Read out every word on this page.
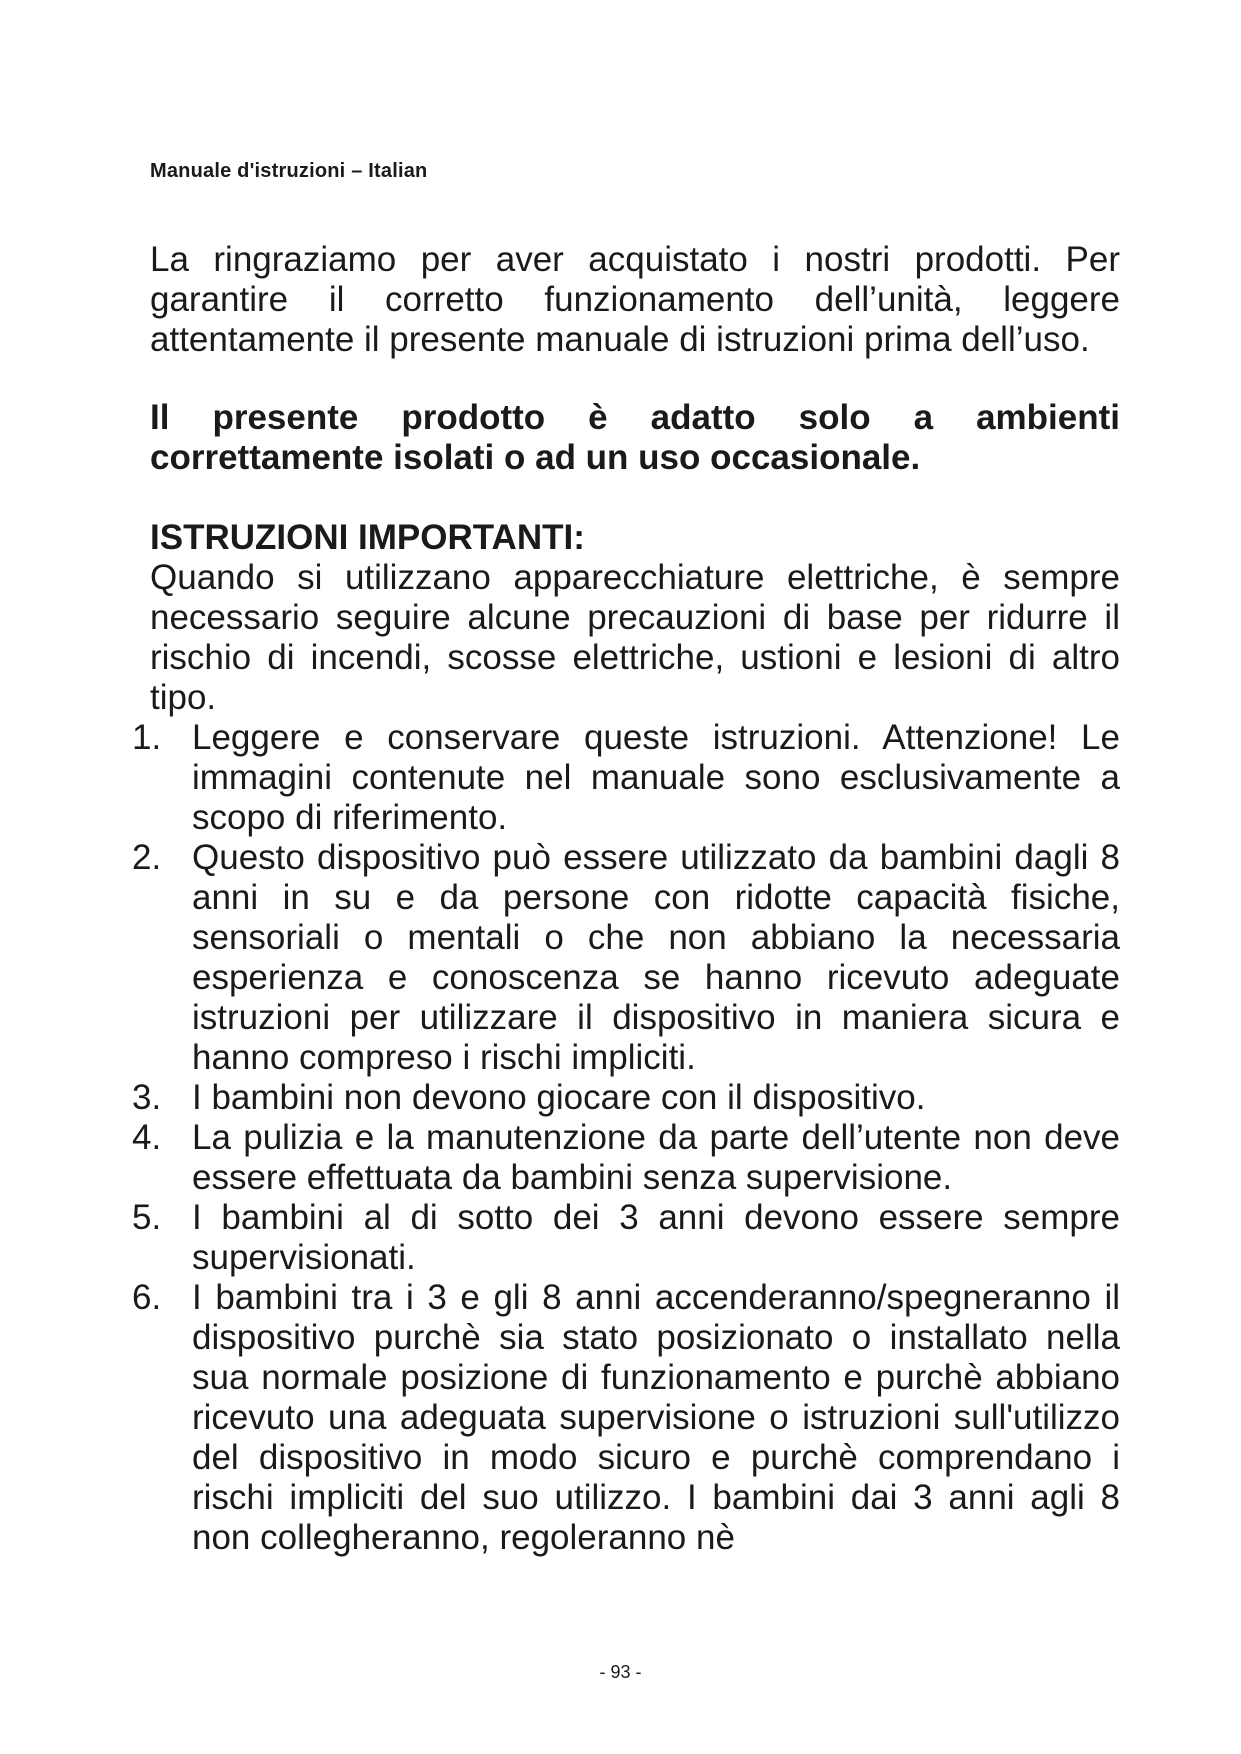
Manuale d'istruzioni – Italian

La ringraziamo per aver acquistato i nostri prodotti. Per garantire il corretto funzionamento dell’unità, leggere attentamente il presente manuale di istruzioni prima dell’uso.

Il presente prodotto è adatto solo a ambienti correttamente isolati o ad un uso occasionale.

ISTRUZIONI IMPORTANTI:

Quando si utilizzano apparecchiature elettriche, è sempre necessario seguire alcune precauzioni di base per ridurre il rischio di incendi, scosse elettriche, ustioni e lesioni di altro tipo.

1. Leggere e conservare queste istruzioni. Attenzione! Le immagini contenute nel manuale sono esclusivamente a scopo di riferimento.
2. Questo dispositivo può essere utilizzato da bambini dagli 8 anni in su e da persone con ridotte capacità fisiche, sensoriali o mentali o che non abbiano la necessaria esperienza e conoscenza se hanno ricevuto adeguate istruzioni per utilizzare il dispositivo in maniera sicura e hanno compreso i rischi impliciti.
3. I bambini non devono giocare con il dispositivo.
4. La pulizia e la manutenzione da parte dell’utente non deve essere effettuata da bambini senza supervisione.
5. I bambini al di sotto dei 3 anni devono essere sempre supervisionati.
6. I bambini tra i 3 e gli 8 anni accenderanno/spegneranno il dispositivo purchè sia stato posizionato o installato nella sua normale posizione di funzionamento e purchè abbiano ricevuto una adeguata supervisione o istruzioni sull'utilizzo del dispositivo in modo sicuro e purchè comprendano i rischi impliciti del suo utilizzo. I bambini dai 3 anni agli 8 non collegheranno, regoleranno nè
- 93 -
